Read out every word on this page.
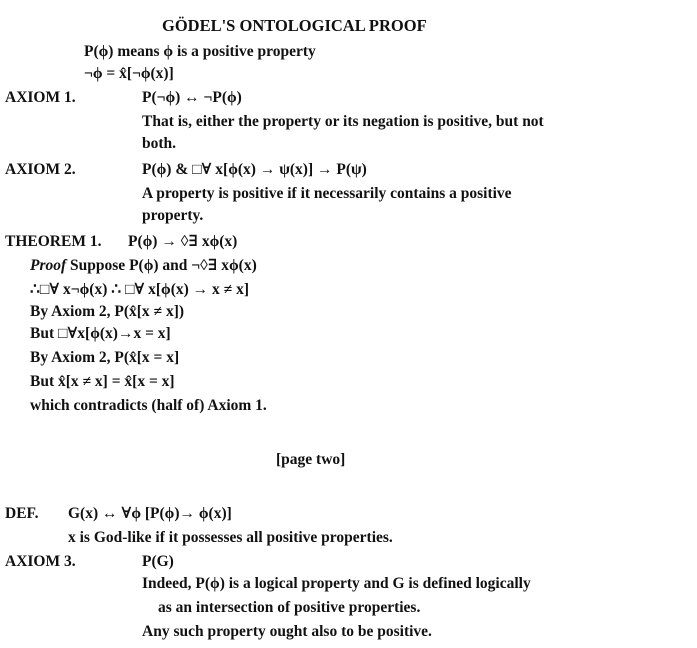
GÖDEL'S ONTOLOGICAL PROOF
P(ϕ) means ϕ is a positive property
¬ϕ = x̂[¬ϕ(x)]
AXIOM 1.	P(¬ϕ) ↔ ¬P(ϕ)
That is, either the property or its negation is positive, but not
both.
AXIOM 2.	P(ϕ) & □∀ x[ϕ(x) → ψ(x)] → P(ψ)
A property is positive if it necessarily contains a positive
property.
THEOREM 1. P(ϕ) → ◊∃ xϕ(x)
Proof Suppose P(ϕ) and ¬◊∃ xϕ(x)
∴□∀ x¬ϕ(x) ∴ □∀ x[ϕ(x) → x ≠ x]
By Axiom 2, P(x̂[x ≠ x])
But □∀x[ϕ(x)→x = x]
By Axiom 2, P(x̂[x = x]
But x̂[x ≠ x] = x̂[x = x]
which contradicts (half of) Axiom 1.
[page two]
DEF. G(x) ↔ ∀ϕ [P(ϕ)→ ϕ(x)]
x is God-like if it possesses all positive properties.
AXIOM 3.	P(G)
Indeed, P(ϕ) is a logical property and G is defined logically
as an intersection of positive properties.
Any such property ought also to be positive.
